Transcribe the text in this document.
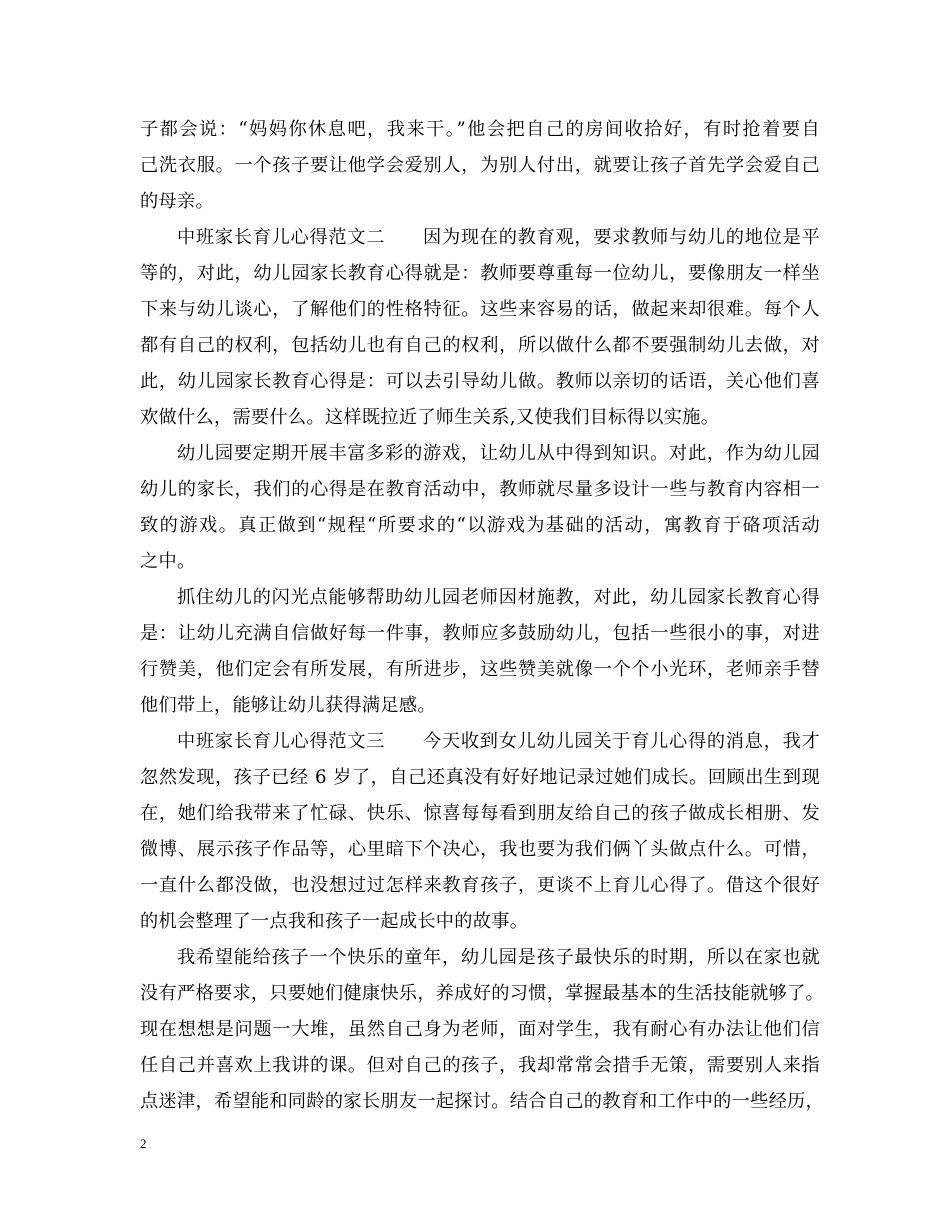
子都会说：“妈妈你休息吧，我来干。”他会把自己的房间收拾好，有时抢着要自
己洗衣服。一个孩子要让他学会爱别人，为别人付出，就要让孩子首先学会爱自己
的母亲。
中班家长育儿心得范文二　　因为现在的教育观，要求教师与幼儿的地位是平
等的，对此，幼儿园家长教育心得就是：教师要尊重每一位幼儿，要像朋友一样坐
下来与幼儿谈心，了解他们的性格特征。这些来容易的话，做起来却很难。每个人
都有自己的权利，包括幼儿也有自己的权利，所以做什么都不要强制幼儿去做，对
此，幼儿园家长教育心得是：可以去引导幼儿做。教师以亲切的话语，关心他们喜
欢做什么，需要什么。这样既拉近了师生关系,又使我们目标得以实施。
幼儿园要定期开展丰富多彩的游戏，让幼儿从中得到知识。对此，作为幼儿园
幼儿的家长，我们的心得是在教育活动中，教师就尽量多设计一些与教育内容相一
致的游戏。真正做到“规程“所要求的“以游戏为基础的活动，寓教育于硌项活动
之中。
抓住幼儿的闪光点能够帮助幼儿园老师因材施教，对此，幼儿园家长教育心得
是：让幼儿充满自信做好每一件事，教师应多鼓励幼儿，包括一些很小的事，对进
行赞美，他们定会有所发展，有所进步，这些赞美就像一个个小光环，老师亲手替
他们带上，能够让幼儿获得满足感。
中班家长育儿心得范文三　　今天收到女儿幼儿园关于育儿心得的消息，我才
忽然发现，孩子已经 6 岁了，自己还真没有好好地记录过她们成长。回顾出生到现
在，她们给我带来了忙碌、快乐、惊喜每每看到朋友给自己的孩子做成长相册、发
微博、展示孩子作品等，心里暗下个决心，我也要为我们俩丫头做点什么。可惜，
一直什么都没做，也没想过过怎样来教育孩子，更谈不上育儿心得了。借这个很好
的机会整理了一点我和孩子一起成长中的故事。
我希望能给孩子一个快乐的童年，幼儿园是孩子最快乐的时期，所以在家也就
没有严格要求，只要她们健康快乐，养成好的习惯，掌握最基本的生活技能就够了。
现在想想是问题一大堆，虽然自己身为老师，面对学生，我有耐心有办法让他们信
任自己并喜欢上我讲的课。但对自己的孩子，我却常常会措手无策，需要别人来指
点迷津，希望能和同龄的家长朋友一起探讨。结合自己的教育和工作中的一些经历，
2
